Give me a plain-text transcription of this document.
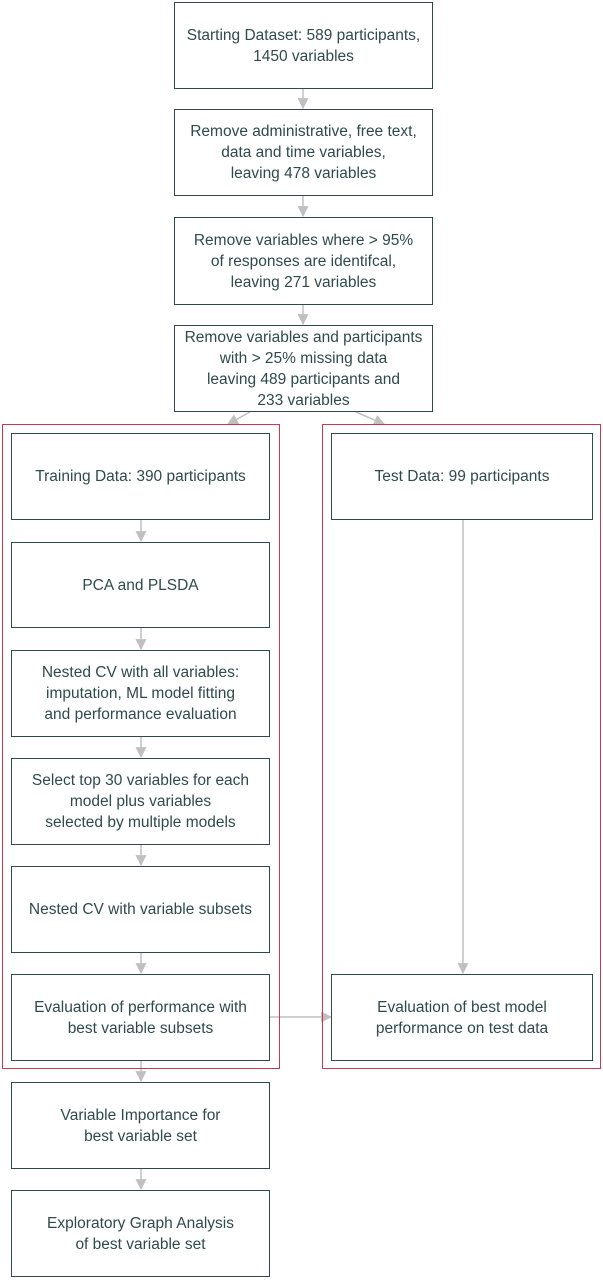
Starting Dataset: 589 participants,
1450 variables
Remove administrative, free text,
data and time variables,
leaving 478 variables
Remove variables where > 95%
of responses are identifcal,
leaving 271 variables
Remove variables and participants
with > 25% missing data
leaving 489 participants and
233 variables
Training Data: 390 participants	Test Data: 99 participants
PCA and PLSDA
Nested CV with all variables:
imputation, ML model fitting
and performance evaluation
Select top 30 variables for each
model plus variables
selected by multiple models
Nested CV with variable subsets
Evaluation of performance with
best variable subsets
Evaluation of best model
performance on test data
Variable Importance for
best variable set
Exploratory Graph Analysis
of best variable set
